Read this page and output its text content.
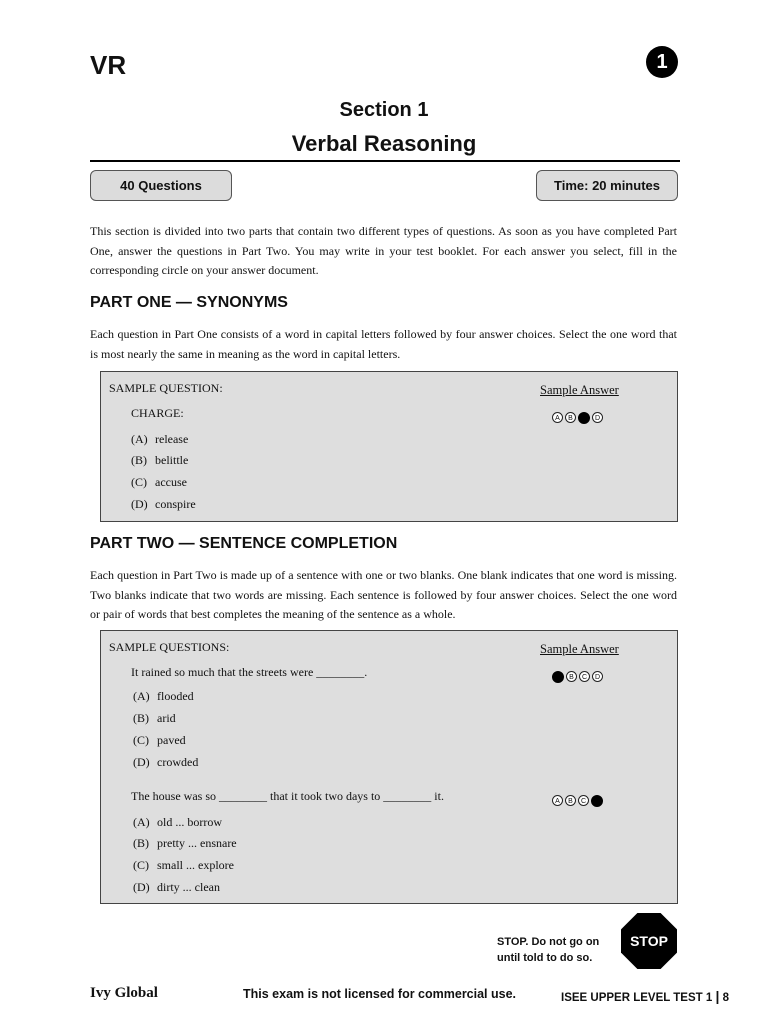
VR	1
Section 1
Verbal Reasoning
40 Questions	Time: 20 minutes
This section is divided into two parts that contain two different types of questions. As soon as you have completed Part One, answer the questions in Part Two. You may write in your test booklet. For each answer you select, fill in the corresponding circle on your answer document.
PART ONE — SYNONYMS
Each question in Part One consists of a word in capital letters followed by four answer choices. Select the one word that is most nearly the same in meaning as the word in capital letters.
SAMPLE QUESTION:	Sample Answer
CHARGE:
(A) release
(B) belittle
(C) accuse
(D) conspire
A	B	D
PART TWO — SENTENCE COMPLETION
Each question in Part Two is made up of a sentence with one or two blanks. One blank indicates that one word is missing. Two blanks indicate that two words are missing. Each sentence is followed by four answer choices. Select the one word or pair of words that best completes the meaning of the sentence as a whole.
SAMPLE QUESTIONS:	Sample Answer
It rained so much that the streets were ________.
(A) flooded
(B) arid
(C) paved
(D) crowded
B	C	D
The house was so ________ that it took two days to ________ it.
(A) old ... borrow
(B) pretty ... ensnare
(C) small ... explore
(D) dirty ... clean
A	B	C
STOP. Do not go on
until told to do so.
STOP
Ivy Global	This exam is not licensed for commercial use.	ISEE UPPER LEVEL TEST 1 | 8
